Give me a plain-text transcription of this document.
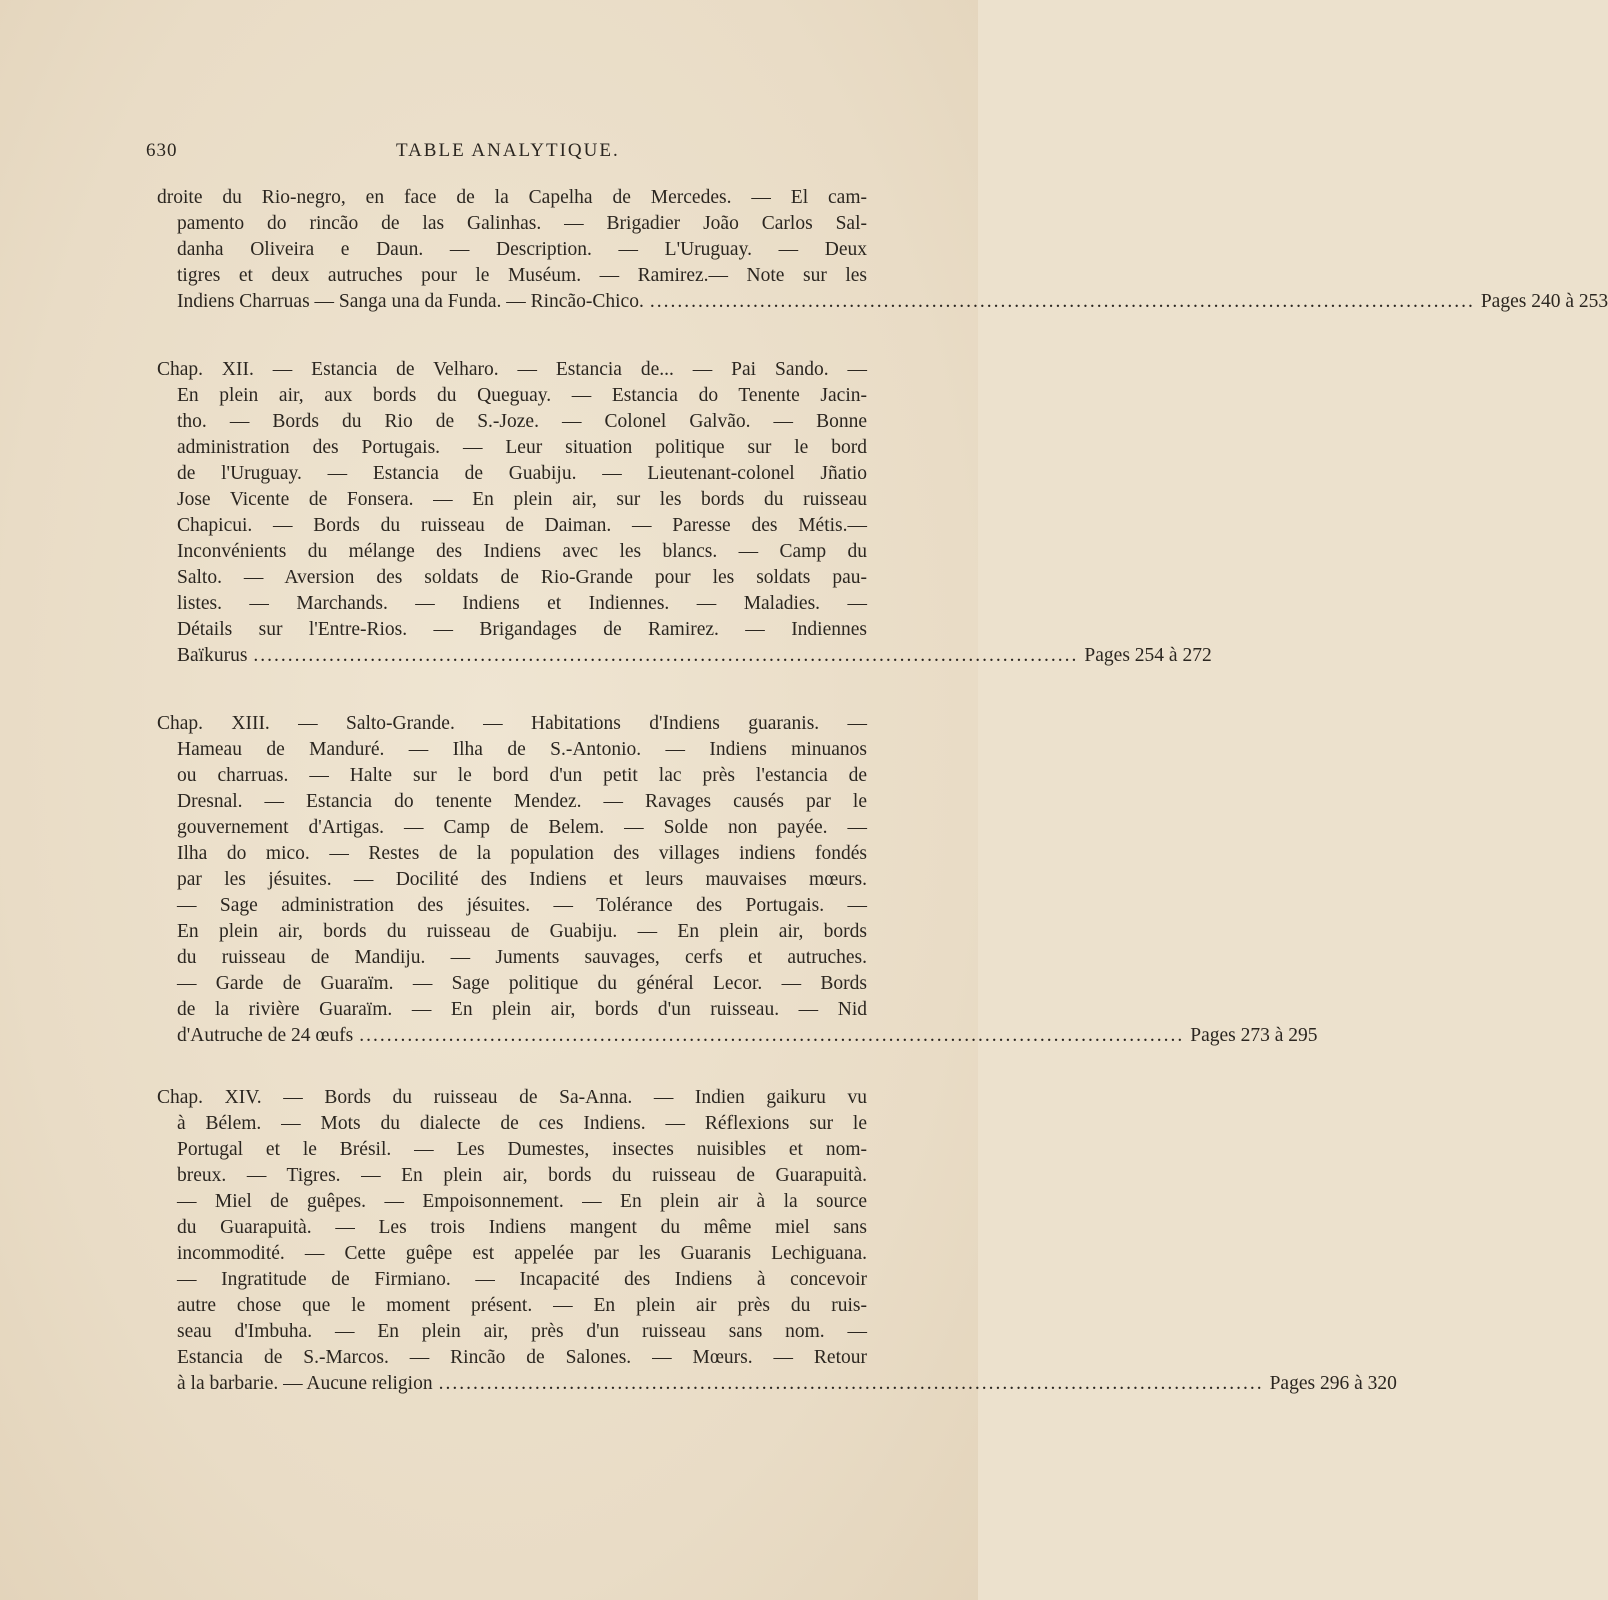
630	TABLE ANALYTIQUE.
droite du Rio-negro, en face de la Capelha de Mercedes. — El cam-
pamento do rincão de las Galinhas. — Brigadier João Carlos Sal-
danha Oliveira e Daun. — Description. — L'Uruguay. — Deux
tigres et deux autruches pour le Muséum. — Ramirez.— Note sur les
Indiens Charruas — Sanga una da Funda. — Rincão-Chico. ........................................................................................................................ Pages 240 à 253
Chap. XII. — Estancia de Velharo. — Estancia de... — Pai Sando. —
En plein air, aux bords du Queguay. — Estancia do Tenente Jacin-
tho. — Bords du Rio de S.-Joze. — Colonel Galvão. — Bonne
administration des Portugais. — Leur situation politique sur le bord
de l'Uruguay. — Estancia de Guabiju. — Lieutenant-colonel Jñatio
Jose Vicente de Fonsera. — En plein air, sur les bords du ruisseau
Chapicui. — Bords du ruisseau de Daiman. — Paresse des Métis.—
Inconvénients du mélange des Indiens avec les blancs. — Camp du
Salto. — Aversion des soldats de Rio-Grande pour les soldats pau-
listes. — Marchands. — Indiens et Indiennes. — Maladies. —
Détails sur l'Entre-Rios. — Brigandages de Ramirez. — Indiennes
Baïkurus ........................................................................................................................ Pages 254 à 272
Chap. XIII. — Salto-Grande. — Habitations d'Indiens guaranis. —
Hameau de Manduré. — Ilha de S.-Antonio. — Indiens minuanos
ou charruas. — Halte sur le bord d'un petit lac près l'estancia de
Dresnal. — Estancia do tenente Mendez. — Ravages causés par le
gouvernement d'Artigas. — Camp de Belem. — Solde non payée. —
Ilha do mico. — Restes de la population des villages indiens fondés
par les jésuites. — Docilité des Indiens et leurs mauvaises mœurs.
— Sage administration des jésuites. — Tolérance des Portugais. —
En plein air, bords du ruisseau de Guabiju. — En plein air, bords
du ruisseau de Mandiju. — Juments sauvages, cerfs et autruches.
— Garde de Guaraïm. — Sage politique du général Lecor. — Bords
de la rivière Guaraïm. — En plein air, bords d'un ruisseau. — Nid
d'Autruche de 24 œufs ........................................................................................................................ Pages 273 à 295
Chap. XIV. — Bords du ruisseau de Sa-Anna. — Indien gaikuru vu
à Bélem. — Mots du dialecte de ces Indiens. — Réflexions sur le
Portugal et le Brésil. — Les Dumestes, insectes nuisibles et nom-
breux. — Tigres. — En plein air, bords du ruisseau de Guarapuità.
— Miel de guêpes. — Empoisonnement. — En plein air à la source
du Guarapuità. — Les trois Indiens mangent du même miel sans
incommodité. — Cette guêpe est appelée par les Guaranis Lechiguana.
— Ingratitude de Firmiano. — Incapacité des Indiens à concevoir
autre chose que le moment présent. — En plein air près du ruis-
seau d'Imbuha. — En plein air, près d'un ruisseau sans nom. —
Estancia de S.-Marcos. — Rincão de Salones. — Mœurs. — Retour
à la barbarie. — Aucune religion ........................................................................................................................ Pages 296 à 320
